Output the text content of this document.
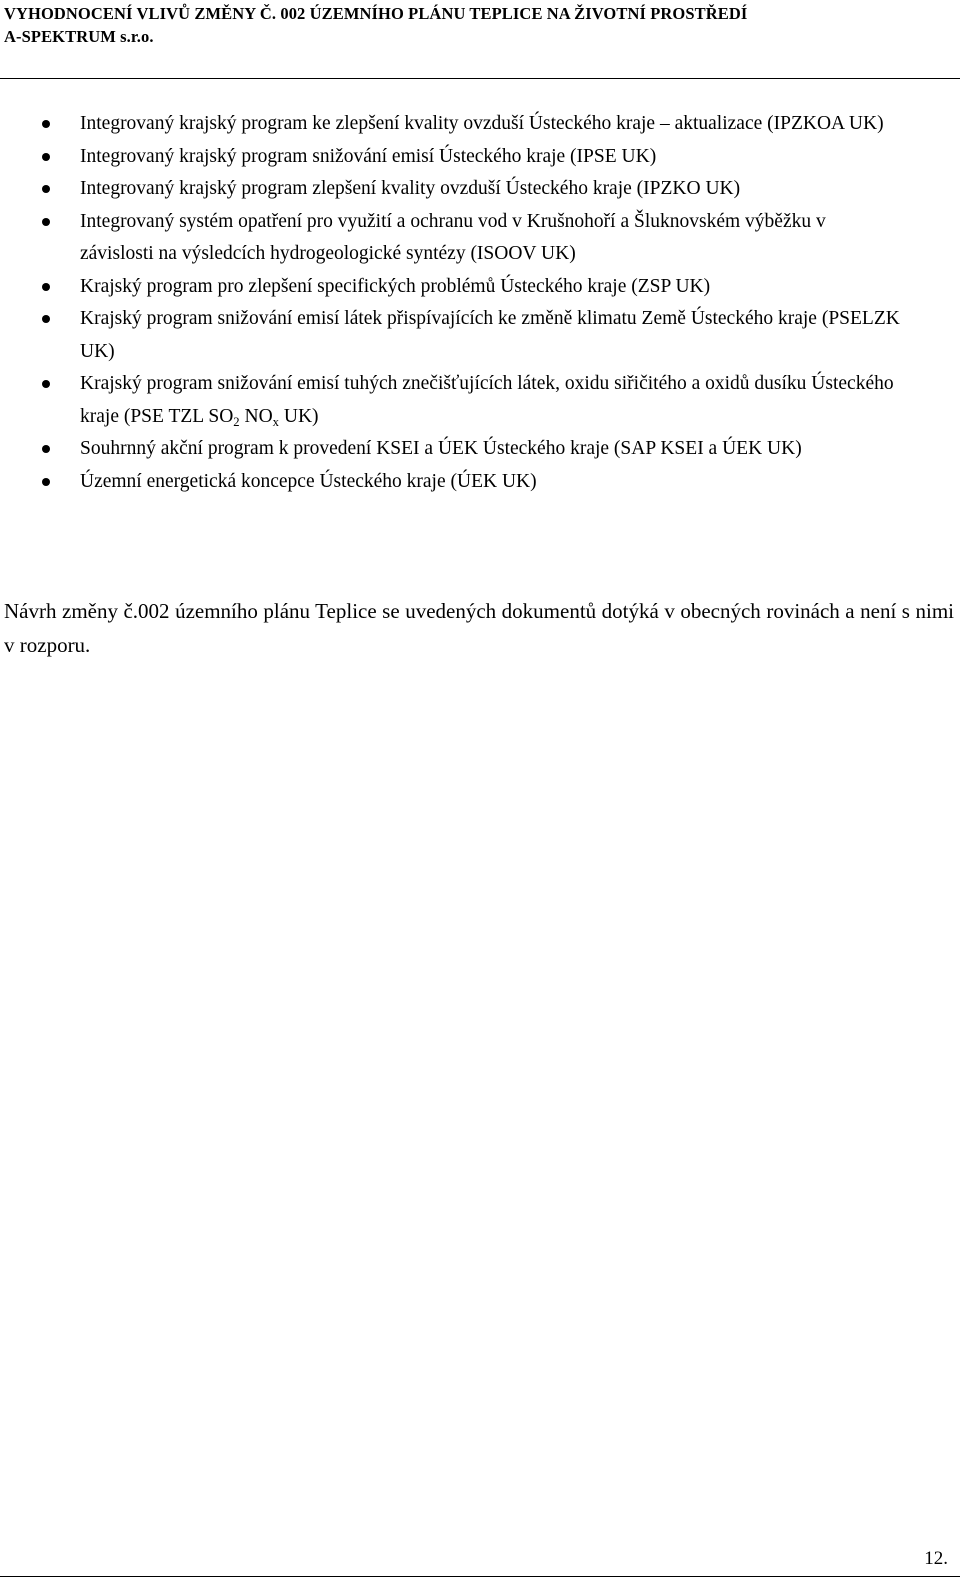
VYHODNOCENÍ VLIVŮ ZMĚNY Č. 002 ÚZEMNÍHO PLÁNU TEPLICE NA ŽIVOTNÍ PROSTŘEDÍ
A-SPEKTRUM s.r.o.
Integrovaný krajský program ke zlepšení kvality ovzduší Ústeckého kraje – aktualizace (IPZKOA UK)
Integrovaný krajský program snižování emisí Ústeckého kraje (IPSE UK)
Integrovaný krajský program zlepšení kvality ovzduší Ústeckého kraje (IPZKO UK)
Integrovaný systém opatření pro využití a ochranu vod v Krušnohoří a Šluknovském výběžku v závislosti na výsledcích hydrogeologické syntézy (ISOOV UK)
Krajský program pro zlepšení specifických problémů Ústeckého kraje (ZSP UK)
Krajský program snižování emisí látek přispívajících ke změně klimatu Země Ústeckého kraje (PSELZK UK)
Krajský program snižování emisí tuhých znečišťujících látek, oxidu siřičitého a oxidů dusíku Ústeckého kraje (PSE TZL $SO_2$ $NO_x$ UK)
Souhrnný akční program k provedení KSEI a ÚEK Ústeckého kraje (SAP KSEI a ÚEK UK)
Územní energetická koncepce Ústeckého kraje (ÚEK UK)

Návrh změny č.002 územního plánu Teplice se uvedených dokumentů dotýká v obecných rovinách a není s nimi v rozporu.

12.
